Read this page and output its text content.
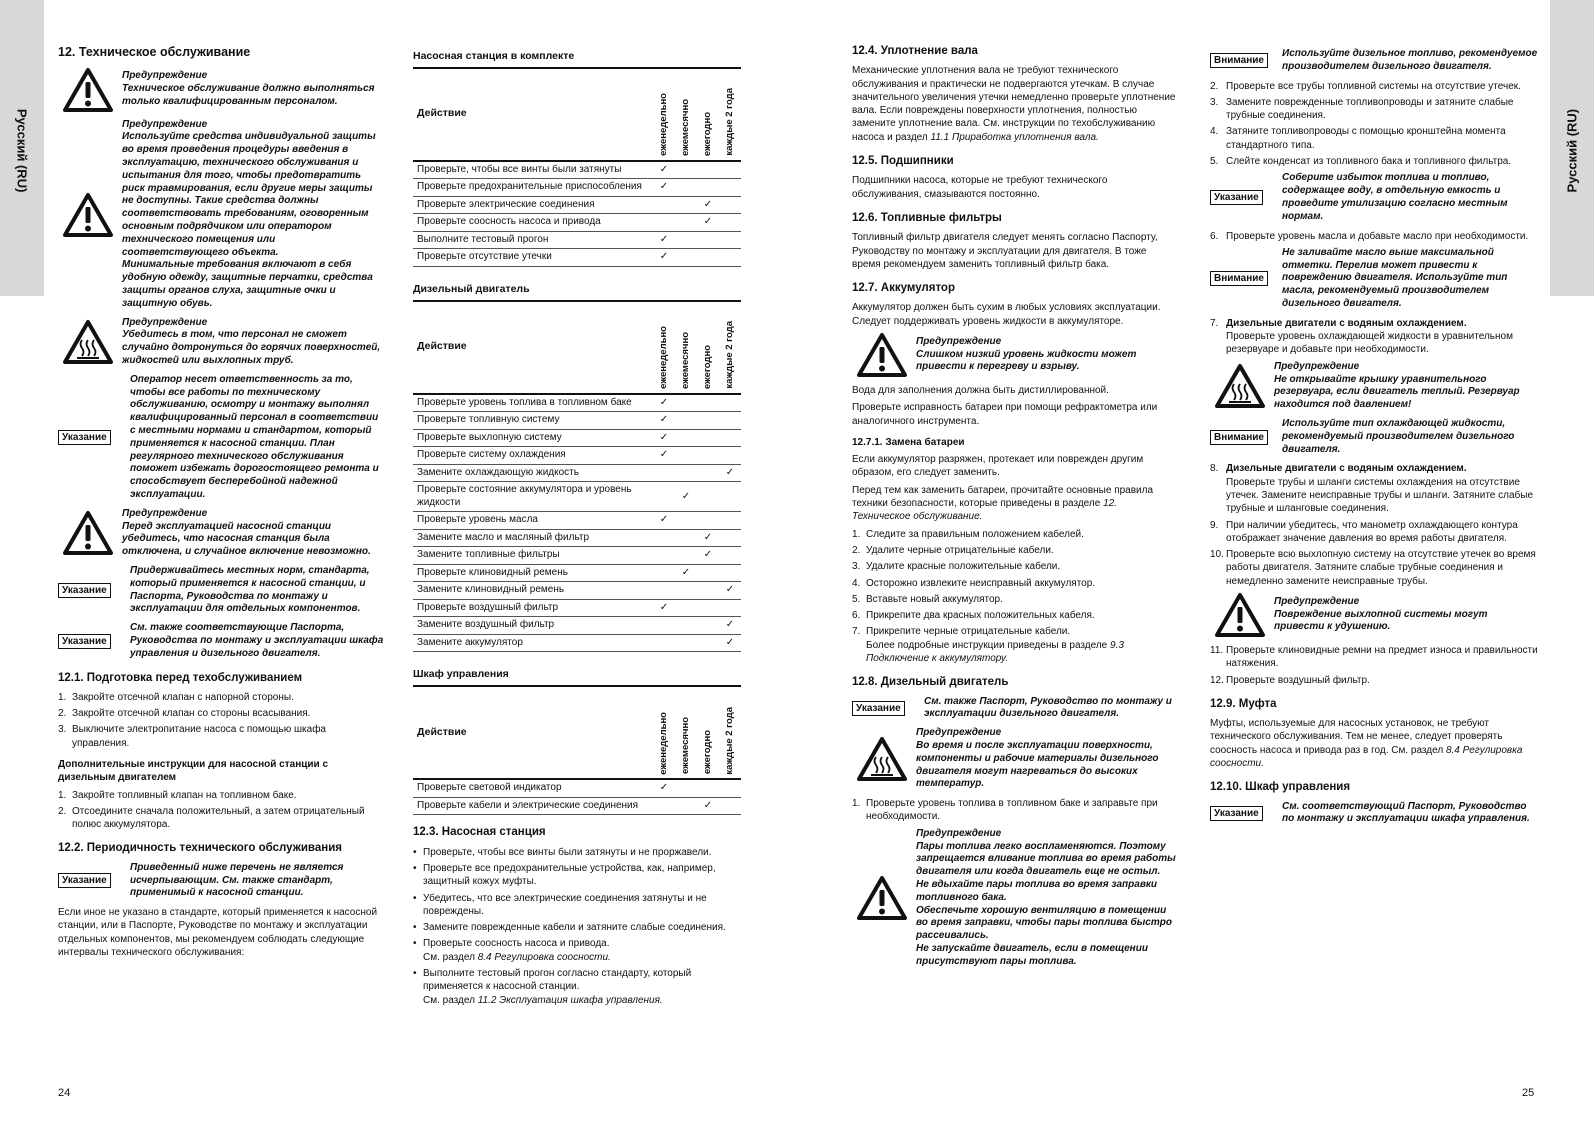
Русский (RU)	Русский (RU)
12. Техническое обслуживание
Предупреждение
Техническое обслуживание должно выполняться только квалифицированным персоналом.
Предупреждение
Используйте средства индивидуальной защиты во время проведения процедуры введения в эксплуатацию, технического обслуживания и испытания для того, чтобы предотвратить риск травмирования, если другие меры защиты не доступны. Такие средства должны соответствовать требованиям, оговоренным основным подрядчиком или оператором технического помещения или соответствующего объекта.
Минимальные требования включают в себя удобную одежду, защитные перчатки, средства защиты органов слуха, защитные очки и защитную обувь.
Предупреждение
Убедитесь в том, что персонал не сможет случайно дотронуться до горячих поверхностей, жидкостей или выхлопных труб.
Указание
Оператор несет ответственность за то, чтобы все работы по техническому обслуживанию, осмотру и монтажу выполнял квалифицированный персонал в соответствии с местными нормами и стандартом, который применяется к насосной станции. План регулярного технического обслуживания поможет избежать дорогостоящего ремонта и способствует бесперебойной надежной эксплуатации.
Предупреждение
Перед эксплуатацией насосной станции убедитесь, что насосная станция была отключена, и случайное включение невозможно.
Указание
Придерживайтесь местных норм, стандарта, который применяется к насосной станции, и Паспорта, Руководства по монтажу и эксплуатации для отдельных компонентов.
Указание
См. также соответствующие Паспорта, Руководства по монтажу и эксплуатации шкафа управления и дизельного двигателя.
12.1. Подготовка перед техобслуживанием
1. Закройте отсечной клапан с напорной стороны.
2. Закройте отсечной клапан со стороны всасывания.
3. Выключите электропитание насоса с помощью шкафа управления.
Дополнительные инструкции для насосной станции с дизельным двигателем
1. Закройте топливный клапан на топливном баке.
2. Отсоедините сначала положительный, а затем отрицательный полюс аккумулятора.
12.2. Периодичность технического обслуживания
Указание
Приведенный ниже перечень не является исчерпывающим. См. также стандарт, применимый к насосной станции.

Если иное не указано в стандарте, который применяется к насосной станции, или в Паспорте, Руководстве по монтажу и эксплуатации отдельных компонентов, мы рекомендуем соблюдать следующие интервалы технического обслуживания:

Насосная станция в комплекте
Действие	еженедельно	ежемесячно	ежегодно	каждые 2 года

Проверьте, чтобы все винты были затянуты	✓			
Проверьте предохранительные приспособления	✓			
Проверьте электрические соединения			✓	
Проверьте соосность насоса и привода			✓	
Выполните тестовый прогон	✓			
Проверьте отсутствие утечки	✓			
Дизельный двигатель
Действие	еженедельно	ежемесячно	ежегодно	каждые 2 года

Проверьте уровень топлива в топливном баке	✓			
Проверьте топливную систему	✓			
Проверьте выхлопную систему	✓			
Проверьте систему охлаждения	✓			
Замените охлаждающую жидкость				✓
Проверьте состояние аккумулятора и уровень жидкости		✓		
Проверьте уровень масла	✓			
Замените масло и масляный фильтр			✓	
Замените топливные фильтры			✓	
Проверьте клиновидный ремень		✓		
Замените клиновидный ремень				✓
Проверьте воздушный фильтр	✓			
Замените воздушный фильтр				✓
Замените аккумулятор				✓
Шкаф управления
Действие	еженедельно	ежемесячно	ежегодно	каждые 2 года

Проверьте световой индикатор	✓			
Проверьте кабели и электрические соединения			✓	
12.3. Насосная станция
• Проверьте, чтобы все винты были затянуты и не проржавели.
• Проверьте все предохранительные устройства, как, например, защитный кожух муфты.
• Убедитесь, что все электрические соединения затянуты и не повреждены.
• Замените поврежденные кабели и затяните слабые соединения.
• Проверьте соосность насоса и привода.
См. раздел 8.4 Регулировка соосности.
• Выполните тестовый прогон согласно стандарту, который применяется к насосной станции.
См. раздел 11.2 Эксплуатация шкафа управления.
12.4. Уплотнение вала

Механические уплотнения вала не требуют технического обслуживания и практически не подвергаются утечкам. В случае значительного увеличения утечки немедленно проверьте уплотнение вала. Если повреждены поверхности уплотнения, полностью замените уплотнение вала. См. инструкции по техобслуживанию насоса и раздел 11.1 Приработка уплотнения вала.

12.5. Подшипники

Подшипники насоса, которые не требуют технического обслуживания, смазываются постоянно.

12.6. Топливные фильтры

Топливный фильтр двигателя следует менять согласно Паспорту, Руководству по монтажу и эксплуатации для двигателя. В тоже время рекомендуем заменить топливный фильтр бака.

12.7. Аккумулятор

Аккумулятор должен быть сухим в любых условиях эксплуатации. Следует поддерживать уровень жидкости в аккумуляторе.

Предупреждение
Слишком низкий уровень жидкости может привести к перегреву и взрыву.

Вода для заполнения должна быть дистиллированной.

Проверьте исправность батареи при помощи рефрактометра или аналогичного инструмента.

12.7.1. Замена батареи

Если аккумулятор разряжен, протекает или поврежден другим образом, его следует заменить.

Перед тем как заменить батареи, прочитайте основные правила техники безопасности, которые приведены в разделе 12. Техническое обслуживание.

1. Следите за правильным положением кабелей.
2. Удалите черные отрицательные кабели.
3. Удалите красные положительные кабели.
4. Осторожно извлеките неисправный аккумулятор.
5. Вставьте новый аккумулятор.
6. Прикрепите два красных положительных кабеля.
7. Прикрепите черные отрицательные кабели.
Более подробные инструкции приведены в разделе 9.3 Подключение к аккумулятору.
12.8. Дизельный двигатель
Указание
См. также Паспорт, Руководство по монтажу и эксплуатации дизельного двигателя.
Предупреждение
Во время и после эксплуатации поверхности, компоненты и рабочие материалы дизельного двигателя могут нагреваться до высоких температур.
1. Проверьте уровень топлива в топливном баке и заправьте при необходимости.
Предупреждение
Пары топлива легко воспламеняются. Поэтому запрещается вливание топлива во время работы двигателя или когда двигатель еще не остыл.
Не вдыхайте пары топлива во время заправки топливного бака.
Обеспечьте хорошую вентиляцию в помещении во время заправки, чтобы пары топлива быстро рассеивались.
Не запускайте двигатель, если в помещении присутствуют пары топлива.
Внимание
Используйте дизельное топливо, рекомендуемое производителем дизельного двигателя.
2. Проверьте все трубы топливной системы на отсутствие утечек.
3. Замените поврежденные топливопроводы и затяните слабые трубные соединения.
4. Затяните топливопроводы с помощью кронштейна момента стандартного типа.
5. Слейте конденсат из топливного бака и топливного фильтра.
Указание
Соберите избыток топлива и топливо, содержащее воду, в отдельную емкость и проведите утилизацию согласно местным нормам.
6. Проверьте уровень масла и добавьте масло при необходимости.
Внимание
Не заливайте масло выше максимальной отметки. Перелив может привести к повреждению двигателя. Используйте тип масла, рекомендуемый производителем дизельного двигателя.
7. Дизельные двигатели с водяным охлаждением.
Проверьте уровень охлаждающей жидкости в уравнительном резервуаре и добавьте при необходимости.
Предупреждение
Не открывайте крышку уравнительного резервуара, если двигатель теплый. Резервуар находится под давлением!
Внимание
Используйте тип охлаждающей жидкости, рекомендуемый производителем дизельного двигателя.
8. Дизельные двигатели с водяным охлаждением.
Проверьте трубы и шланги системы охлаждения на отсутствие утечек. Замените неисправные трубы и шланги. Затяните слабые трубные и шланговые соединения.
9. При наличии убедитесь, что манометр охлаждающего контура отображает значение давления во время работы двигателя.
10. Проверьте всю выхлопную систему на отсутствие утечек во время работы двигателя. Затяните слабые трубные соединения и немедленно замените неисправные трубы.
Предупреждение
Повреждение выхлопной системы могут привести к удушению.
11. Проверьте клиновидные ремни на предмет износа и правильности натяжения.
12. Проверьте воздушный фильтр.
12.9. Муфта

Муфты, используемые для насосных установок, не требуют технического обслуживания. Тем не менее, следует проверять соосность насоса и привода раз в год. См. раздел 8.4 Регулировка соосности.

12.10. Шкаф управления
Указание
См. соответствующий Паспорт, Руководство по монтажу и эксплуатации шкафа управления.
24	25
